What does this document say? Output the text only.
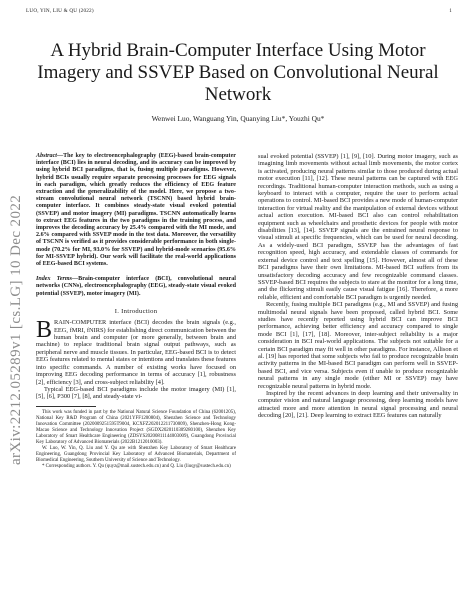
LUO, YIN, LIU & QU (2022)	1
arXiv:2212.05289v1 [cs.LG] 10 Dec 2022
A Hybrid Brain-Computer Interface Using Motor Imagery and SSVEP Based on Convolutional Neural Network
Wenwei Luo, Wanguang Yin, Quanying Liu*, Youzhi Qu*
Abstract—The key to electroencephalography (EEG)-based brain-computer interface (BCI) lies in neural decoding, and its accuracy can be improved by using hybrid BCI paradigms, that is, fusing multiple paradigms. However, hybrid BCIs usually require separate processing processes for EEG signals in each paradigm, which greatly reduces the efficiency of EEG feature extraction and the generalizability of the model. Here, we propose a two-stream convolutional neural network (TSCNN) based hybrid brain-computer interface. It combines steady-state visual evoked potential (SSVEP) and motor imagery (MI) paradigms. TSCNN automatically learns to extract EEG features in the two paradigms in the training process, and improves the decoding accuracy by 25.4% compared with the MI mode, and 2.6% compared with SSVEP mode in the test data. Moreover, the versatility of TSCNN is verified as it provides considerable performance in both single-mode (70.2% for MI, 93.0% for SSVEP) and hybrid-mode scenarios (95.6% for MI-SSVEP hybrid). Our work will facilitate the real-world applications of EEG-based BCI systems.
Index Terms—Brain-computer interface (BCI), convolutional neural networks (CNNs), electroencephalography (EEG), steady-state visual evoked potential (SSVEP), motor imagery (MI).
I. Introduction

BRAIN-COMPUTER interface (BCI) decodes the brain signals (e.g., EEG, fMRI, fNIRS) for establishing direct communication between the human brain and computer (or more generally, between brain and machine) to replace traditional brain signal output pathways, such as peripheral nerve and muscle tissues. In particular, EEG-based BCI is to detect EEG features related to mental states or intentions and translates these features into specific commands. A number of existing works have focused on improving EEG decoding performance in terms of accuracy [1], robustness [2], efficiency [3], and cross-subject reliability [4].

Typical EEG-based BCI paradigms include the motor imagery (MI) [1], [5], [6], P300 [7], [8], and steady-state vi-

This work was funded in part by the National Natural Science Foundation of China (62001205), National Key R&D Program of China (2021YFF1200804), Shenzhen Science and Technology Innovation Committee (2020009251595T9004, KCXFZ202012211730009), Shenzhen-Hong Kong-Macao Science and Technology Innovation Project (SGDX2020110309280100), Shenzhen Key Laboratory of Smart Healthcare Engineering (ZDSYS20200811144003009), Guangdong Provincial Key Laboratory of Advanced Biomaterials (2022B1212010003).

W. Luo, W. Yin, Q. Liu and Y. Qu are with Shenzhen Key Laboratory of Smart Healthcare Engineering, Guangdong Provincial Key Laboratory of Advanced Biomaterials, Department of Biomedical Engineering, Southern University of Science and Technology.

* Corresponding authors. Y. Qu (quyz@mail.sustech.edu.cn) and Q. Liu (liuqy@sustech.edu.cn)

sual evoked potential (SSVEP) [1], [9], [10]. During motor imagery, such as imagining limb movements without actual limb movements, the motor cortex is activated, producing neural patterns similar to those produced during actual motor execution [11], [12]. These neural patterns can be captured with EEG recordings. Traditional human-computer interaction methods, such as using a keyboard to interact with a computer, require the user to perform actual operations to control. MI-based BCI provides a new mode of human-computer interaction for virtual reality and the manipulation of external devices without actual action execution. MI-based BCI also can control rehabilitation equipment such as wheelchairs and prosthetic devices for people with motor disabilities [13], [14]. SSVEP signals are the entrained neural response to visual stimuli at specific frequencies, which can be used for neural decoding. As a widely-used BCI paradigm, SSVEP has the advantages of fast recognition speed, high accuracy, and extendable classes of commands for external device control and text spelling [15]. However, almost all of these BCI paradigms have their own limitations. MI-based BCI suffers from its unsatisfactory decoding accuracy and few recognizable command classes. SSVEP-based BCI requires the subjects to stare at the monitor for a long time, and the flickering stimuli easily cause visual fatigue [16]. Therefore, a more reliable, efficient and comfortable BCI paradigm is urgently needed.

Recently, fusing multiple BCI paradigms (e.g., MI and SSVEP) and fusing multimodal neural signals have been proposed, called hybrid BCI. Some studies have recently reported using hybrid BCI can improve BCI performance, achieving better efficiency and accuracy compared to single mode BCI [1], [17], [18]. Moreover, inter-subject reliability is a major consideration in BCI real-world applications. The subjects not suitable for a certain BCI paradigm may fit well in other paradigms. For instance, Allison et al. [19] has reported that some subjects who fail to produce recognizable brain activity patterns in the MI-based BCI paradigm can perform well in SSVEP-based BCI, and vice versa. Subjects even if unable to produce recognizable neural patterns in any single mode (either MI or SSVEP) may have recognizable neural patterns in hybrid mode.

Inspired by the recent advances in deep learning and their universality in computer vision and natural language processing, deep learning models have attracted more and more attention in neural signal processing and neural decoding [20], [21]. Deep learning to extract EEG features can naturally
